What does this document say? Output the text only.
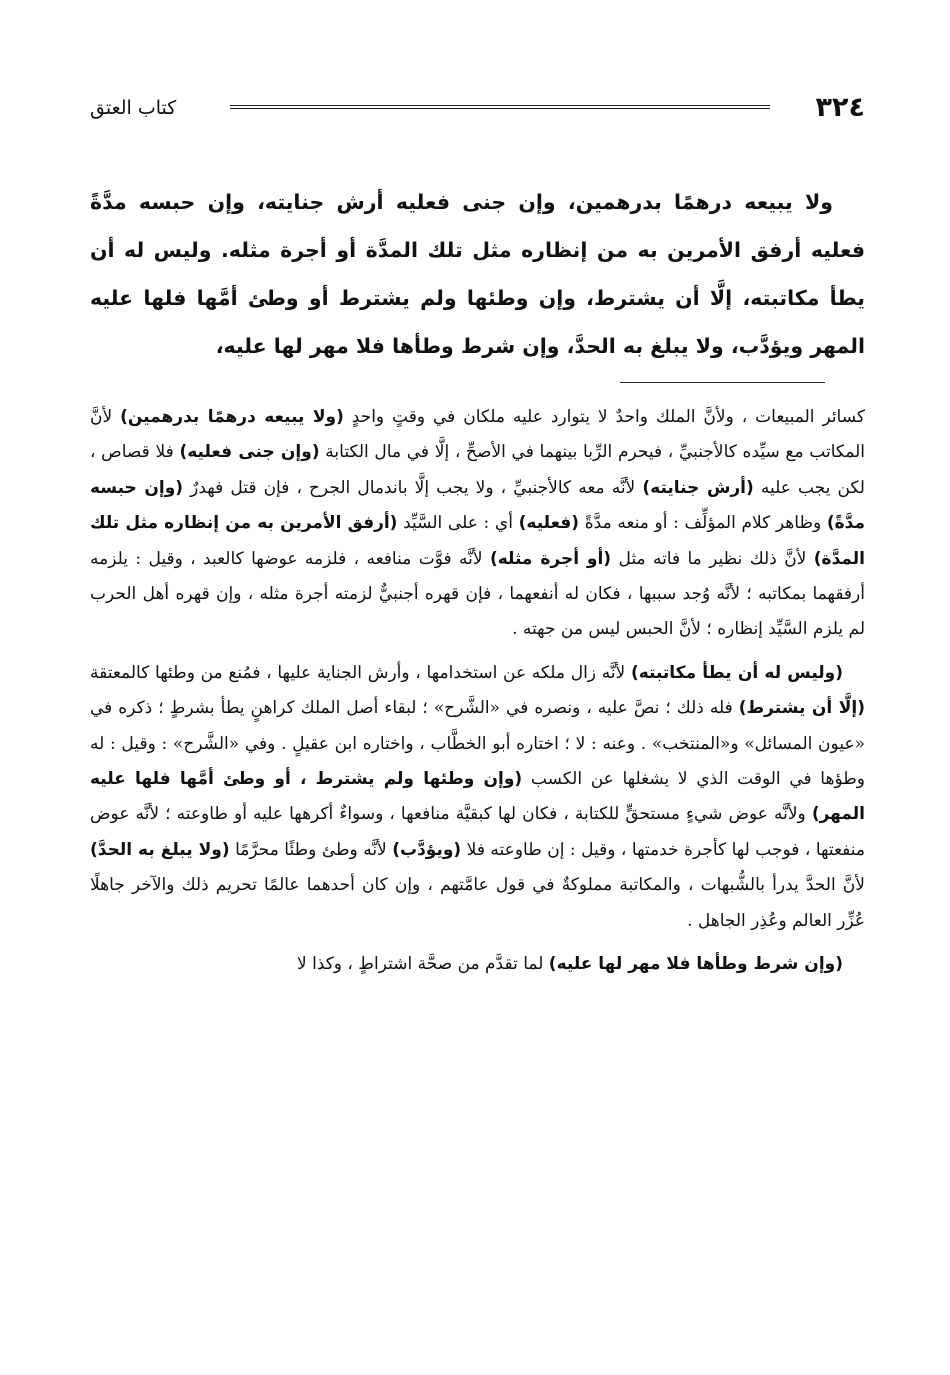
٣٢٤
كتاب العتق

ولا يبيعه درهمًا بدرهمين، وإن جنى فعليه أرش جنايته، وإن حبسه مدَّةً فعليه أرفق الأمرين به من إنظاره مثل تلك المدَّة أو أجرة مثله. وليس له أن يطأ مكاتبته، إلَّا أن يشترط، وإن وطئها ولم يشترط أو وطئ أمَّها فلها عليه المهر ويؤدَّب، ولا يبلغ به الحدَّ، وإن شرط وطأها فلا مهر لها عليه،

كسائر المبيعات ، ولأنَّ الملك واحدٌ لا يتوارد عليه ملكان في وقتٍ واحدٍ (ولا يبيعه درهمًا بدرهمين) لأنَّ المكاتب مع سيِّده كالأجنبيِّ ، فيحرم الرِّبا بينهما في الأصحِّ ، إلَّا في مال الكتابة (وإن جنى فعليه) فلا قصاص ، لكن يجب عليه (أرش جنايته) لأنَّه معه كالأجنبيِّ ، ولا يجب إلَّا باندمال الجرح ، فإن قتل فهدرٌ (وإن حبسه مدَّةً) وظاهر كلام المؤلِّف : أو منعه مدَّةً (فعليه) أي : على السَّيِّد (أرفق الأمرين به من إنظاره مثل تلك المدَّة) لأنَّ ذلك نظير ما فاته مثل (أو أجرة مثله) لأنَّه فوَّت منافعه ، فلزمه عوضها كالعبد ، وقيل : يلزمه أرفقهما بمكاتبه ؛ لأنَّه وُجد سببها ، فكان له أنفعهما ، فإن قهره أجنبيٌّ لزمته أجرة مثله ، وإن قهره أهل الحرب لم يلزم السَّيِّد إنظاره ؛ لأنَّ الحبس ليس من جهته .

(وليس له أن يطأ مكاتبته) لأنَّه زال ملكه عن استخدامها ، وأرش الجناية عليها ، فمُنع من وطئها كالمعتقة (إلَّا أن يشترط) فله ذلك ؛ نصَّ عليه ، ونصره في «الشَّرح» ؛ لبقاء أصل الملك كراهنٍ يطأ بشرطٍ ؛ ذكره في «عيون المسائل» و«المنتخب» . وعنه : لا ؛ اختاره أبو الخطَّاب ، واختاره ابن عقيلٍ . وفي «الشَّرح» : وقيل : له وطؤها في الوقت الذي لا يشغلها عن الكسب (وإن وطئها ولم يشترط ، أو وطئ أمَّها فلها عليه المهر) ولأنَّه عوض شيءٍ مستحقٍّ للكتابة ، فكان لها كبقيَّة منافعها ، وسواءٌ أكرهها عليه أو طاوعته ؛ لأنَّه عوض منفعتها ، فوجب لها كأجرة خدمتها ، وقيل : إن طاوعته فلا (ويؤدَّب) لأنَّه وطئ وطئًا محرَّمًا (ولا يبلغ به الحدَّ) لأنَّ الحدَّ يدرأ بالشُّبهات ، والمكاتبة مملوكةٌ في قول عامَّتهم ، وإن كان أحدهما عالمًا تحريم ذلك والآخر جاهلًا عُزِّر العالم وعُذِر الجاهل .

(وإن شرط وطأها فلا مهر لها عليه) لما تقدَّم من صحَّة اشتراطٍ ، وكذا لا
